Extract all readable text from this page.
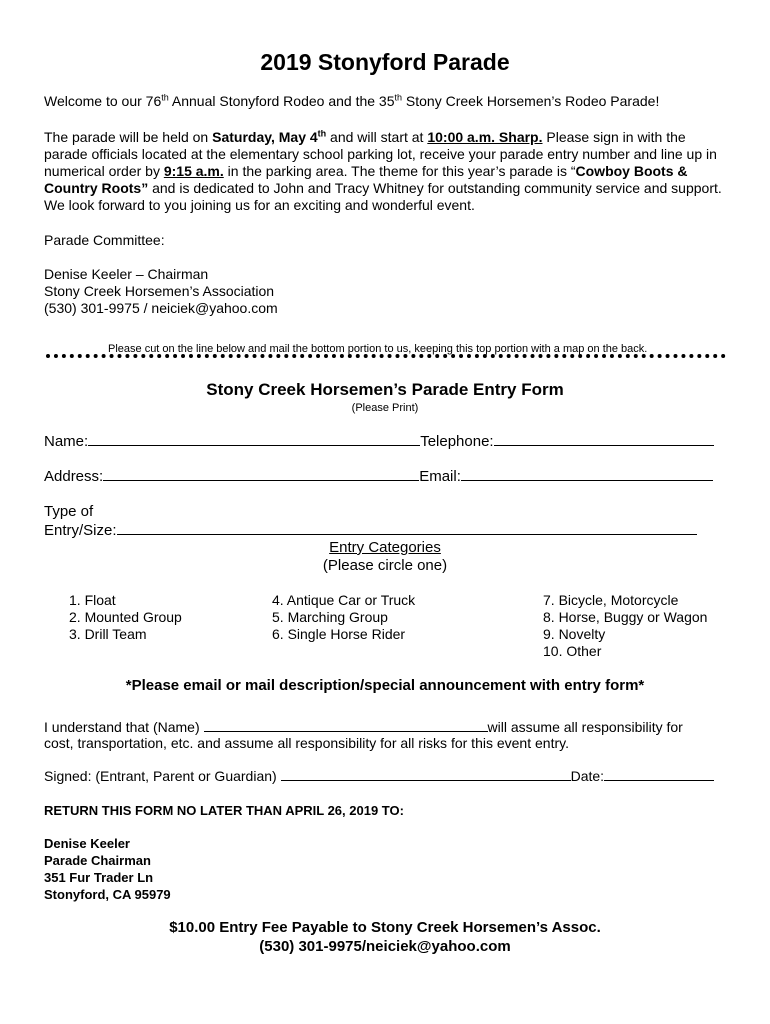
2019 Stonyford Parade

Welcome to our 76th Annual Stonyford Rodeo and the 35th Stony Creek Horsemen’s Rodeo Parade!

The parade will be held on Saturday, May 4th and will start at 10:00 a.m. Sharp. Please sign in with the parade officials located at the elementary school parking lot, receive your parade entry number and line up in numerical order by 9:15 a.m. in the parking area. The theme for this year’s parade is “Cowboy Boots & Country Roots” and is dedicated to John and Tracy Whitney for outstanding community service and support. We look forward to you joining us for an exciting and wonderful event.

Parade Committee:

Denise Keeler – Chairman

Stony Creek Horsemen’s Association

(530) 301-9975 / neiciek@yahoo.com

Please cut on the line below and mail the bottom portion to us, keeping this top portion with a map on the back.

Stony Creek Horsemen’s Parade Entry Form

(Please Print)

Name:	Telephone:
Address:	Email:

Type of

Entry/Size:

Entry Categories

(Please circle one)

1. Float
2. Mounted Group
3. Drill Team
4. Antique Car or Truck
5. Marching Group
6. Single Horse Rider
7. Bicycle, Motorcycle
8. Horse, Buggy or Wagon
9. Novelty
10. Other

*Please email or mail description/special announcement with entry form*

I understand that (Name)	will assume all responsibility for

cost, transportation, etc. and assume all responsibility for all risks for this event entry.

Signed: (Entrant, Parent or Guardian)	Date:

RETURN THIS FORM NO LATER THAN APRIL 26, 2019 TO:

Denise Keeler

Parade Chairman

351 Fur Trader Ln

Stonyford, CA 95979

$10.00 Entry Fee Payable to Stony Creek Horsemen’s Assoc.

(530) 301-9975/neiciek@yahoo.com
